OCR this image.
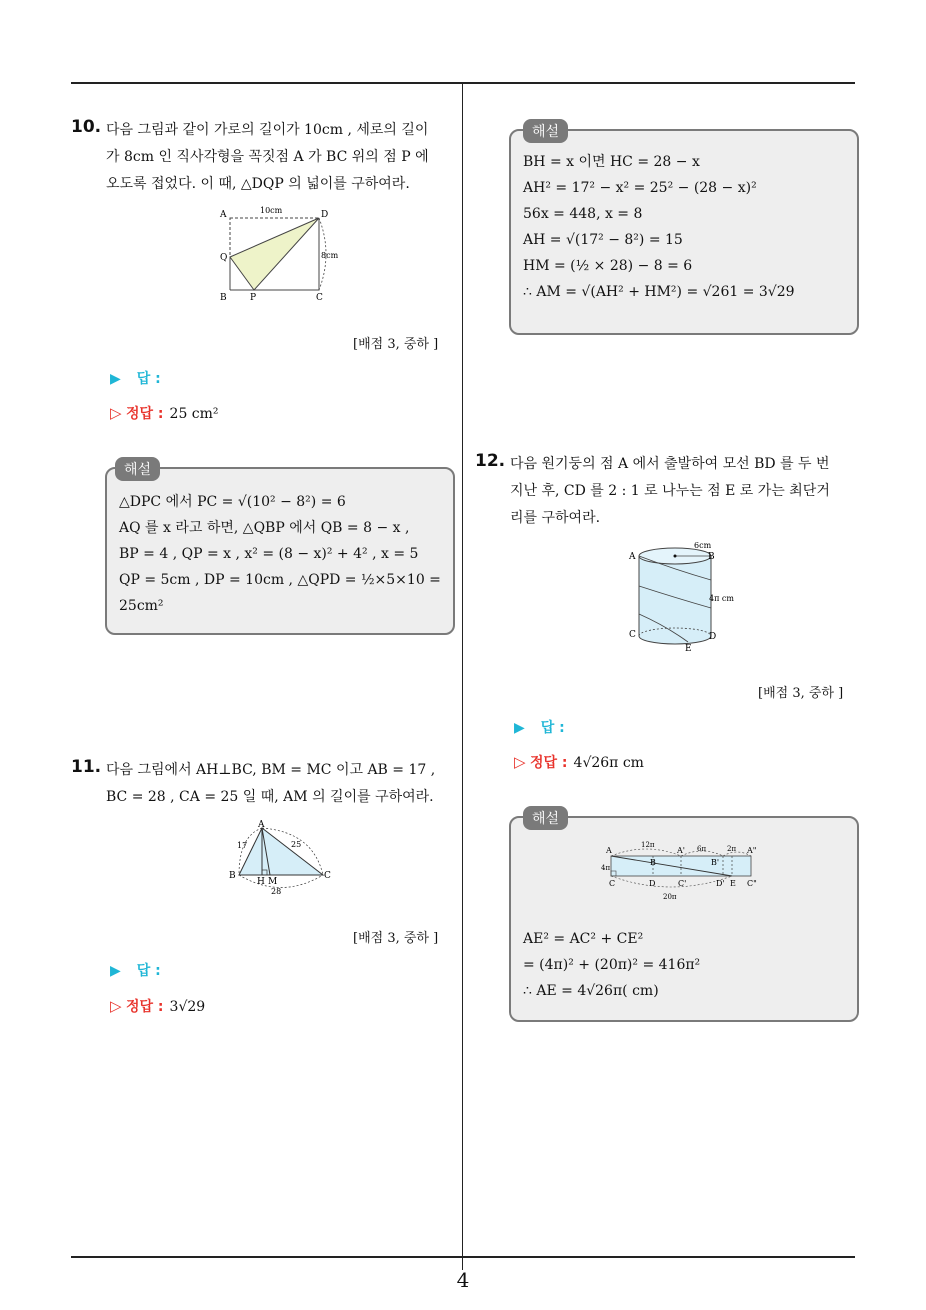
4
10. 다음 그림과 같이 가로의 길이가 10cm , 세로의 길이
가 8cm 인 직사각형을 꼭짓점 A 가 BC 위의 점 P 에
오도록 접었다. 이 때, △DQP 의 넓이를 구하여라.
A	D
Q
B	P	C
10cm
8cm
[배점 3, 중하 ]
▶ 답 :
▷ 정답 : 25 cm²
해설
△DPC 에서 PC = √(10² − 8²) = 6
AQ 를 x 라고 하면, △QBP 에서 QB = 8 − x ,
BP = 4 , QP = x , x² = (8 − x)² + 4² , x = 5
QP = 5cm , DP = 10cm , △QPD = ½×5×10 =
25cm²
11. 다음 그림에서 AH⊥BC, BM = MC 이고 AB = 17 ,
BC = 28 , CA = 25 일 때, AM 의 길이를 구하여라.
A
B	C
H M
17	25
28
[배점 3, 중하 ]
▶ 답 :
▷ 정답 : 3√29
해설
BH = x 이면 HC = 28 − x
AH² = 17² − x² = 25² − (28 − x)²
56x = 448, x = 8
AH = √(17² − 8²) = 15
HM = (½ × 28) − 8 = 6
∴ AM = √(AH² + HM²) = √261 = 3√29
12. 다음 원기둥의 점 A 에서 출발하여 모선 BD 를 두 번
지난 후, CD 를 2 : 1 로 나누는 점 E 로 가는 최단거
리를 구하여라.
A	B
C	D
E
6cm
4π cm
[배점 3, 중하 ]
▶ 답 :
▷ 정답 : 4√26π cm
해설
A
B
A'
B'
A"
C	D	C'	D' E C"
12π	6π	2π
4π
20π
AE² = AC² + CE²
= (4π)² + (20π)² = 416π²
∴ AE = 4√26π( cm)
